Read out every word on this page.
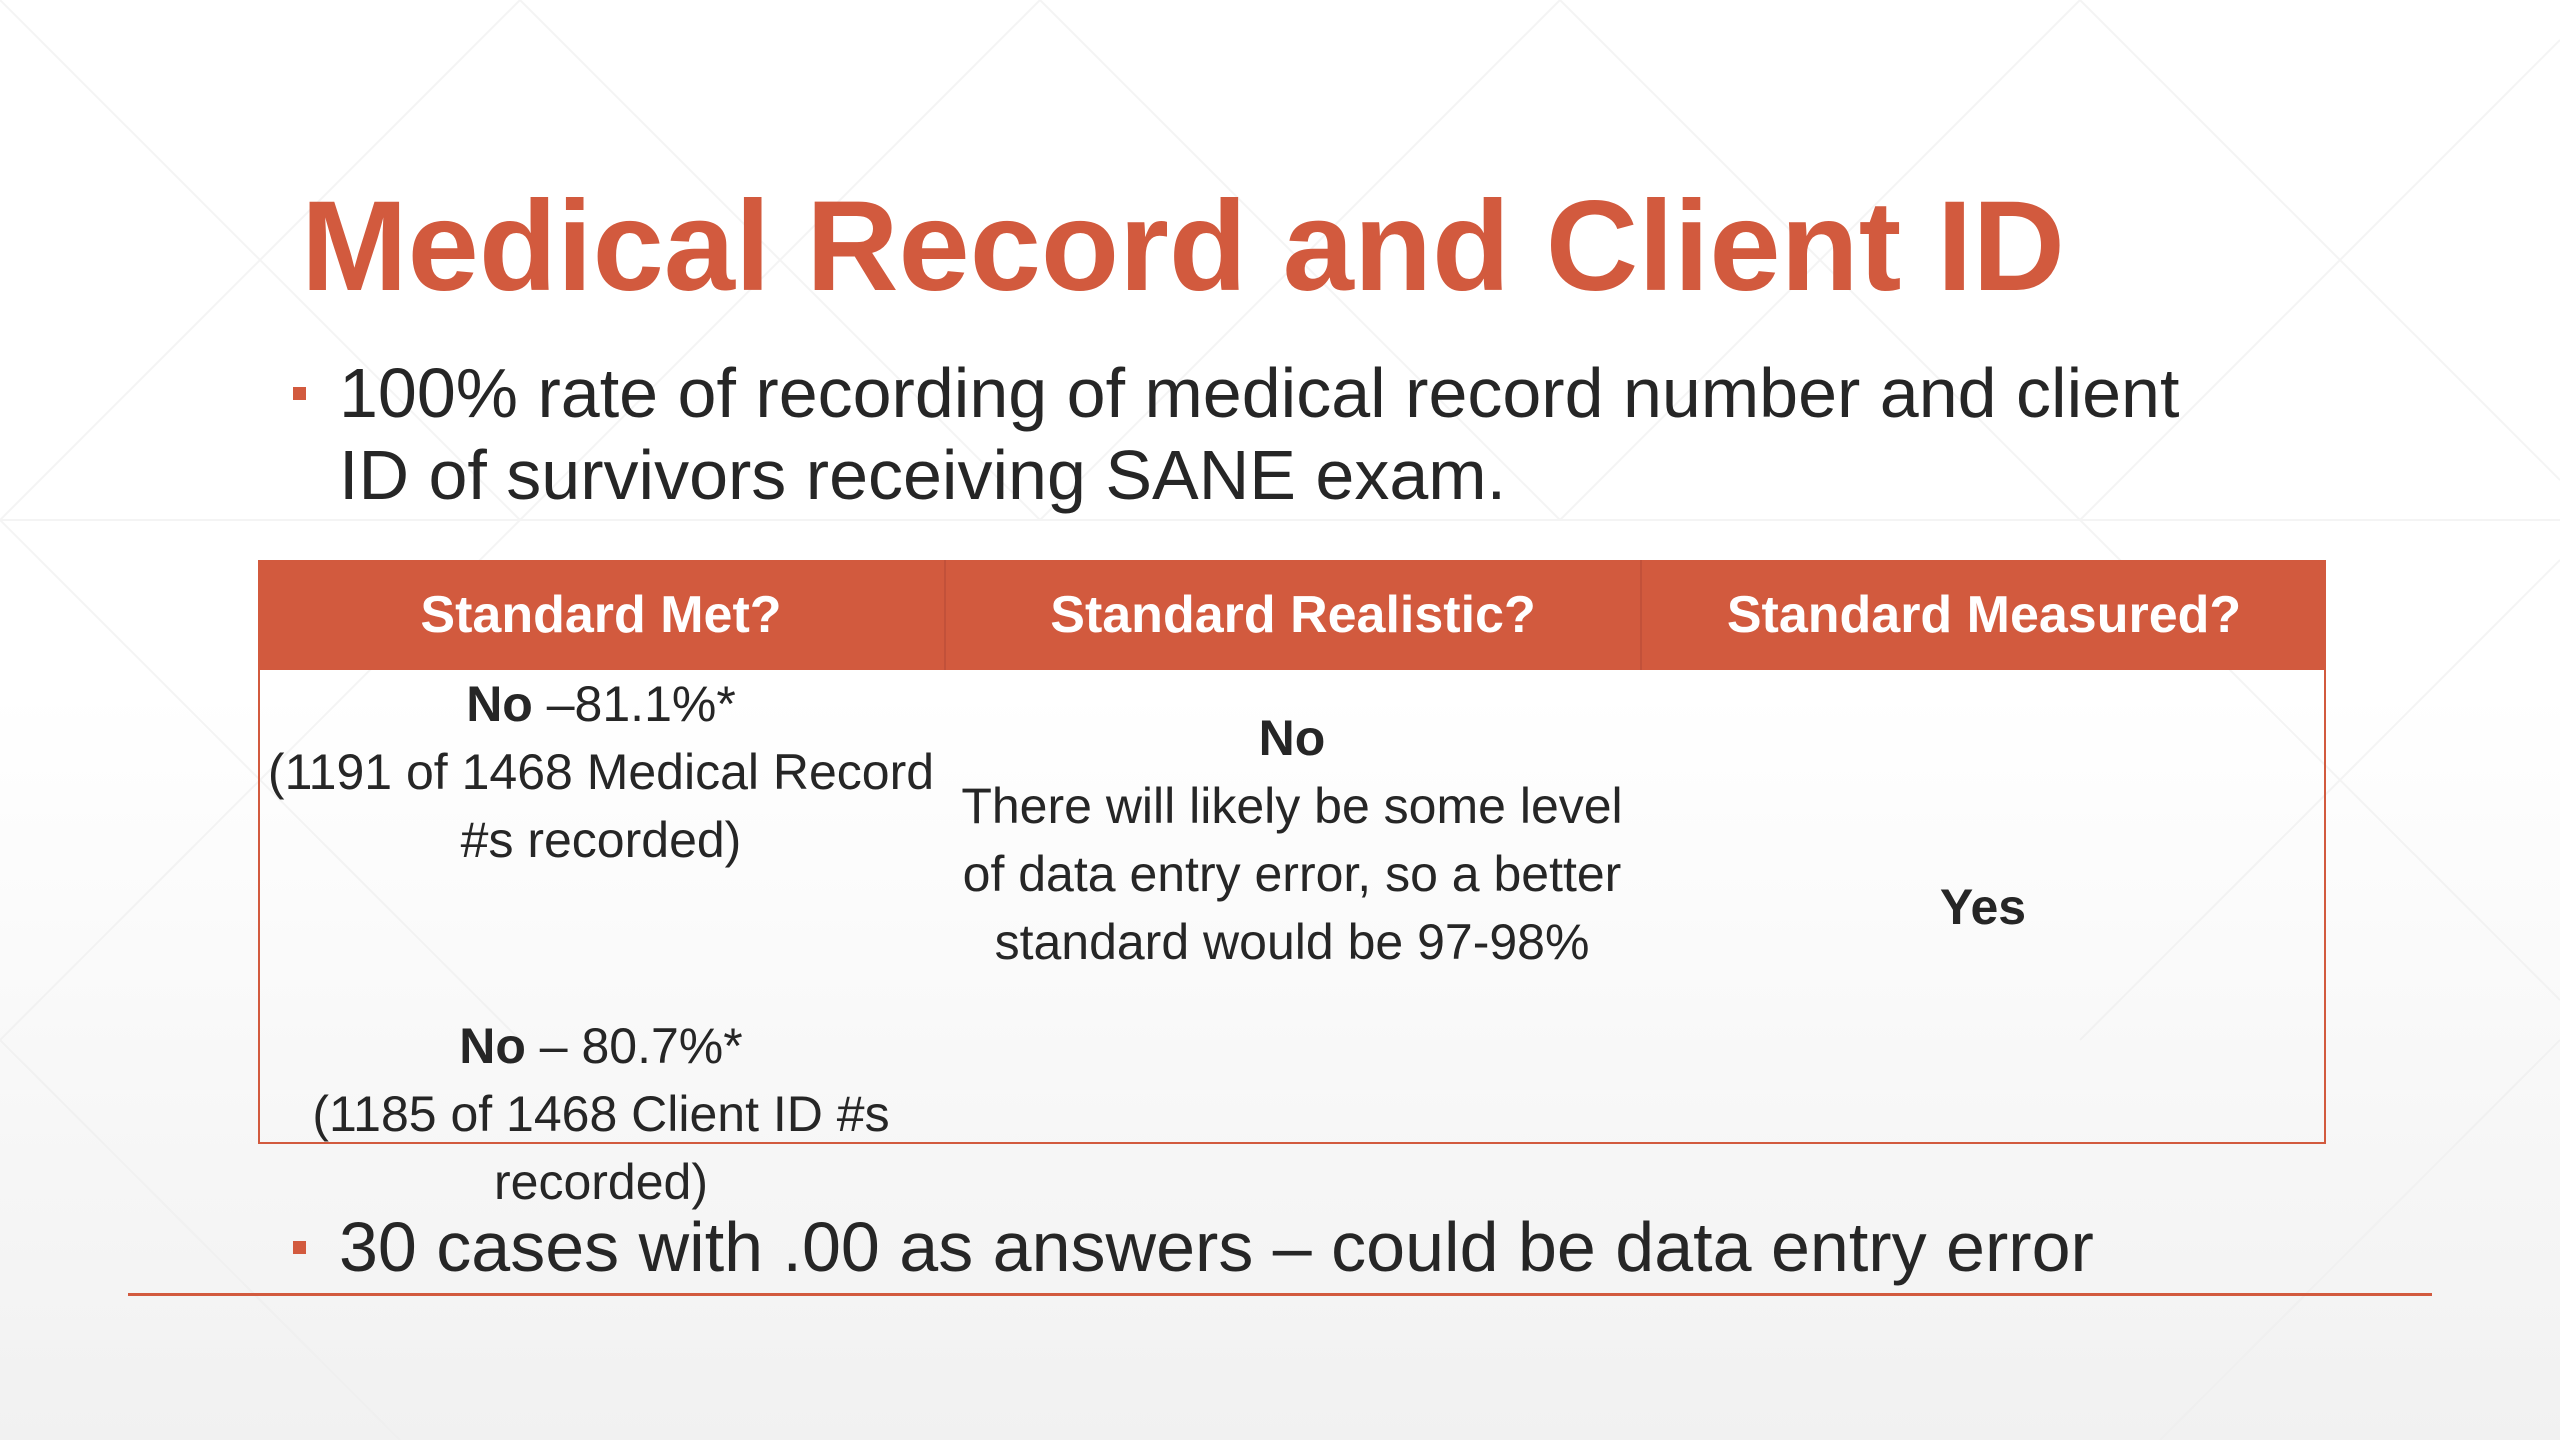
Medical Record and Client ID
100% rate of recording of medical record number and client ID of survivors receiving SANE exam.
Standard Met?	Standard Realistic?	Standard Measured?
No –81.1%*
(1191 of 1468 Medical Record #s recorded)
No – 80.7%*
(1185 of 1468 Client ID #s recorded)
No
There will likely be some level of data entry error, so a better standard would be 97-98%
Yes
30 cases with .00 as answers – could be data entry error
